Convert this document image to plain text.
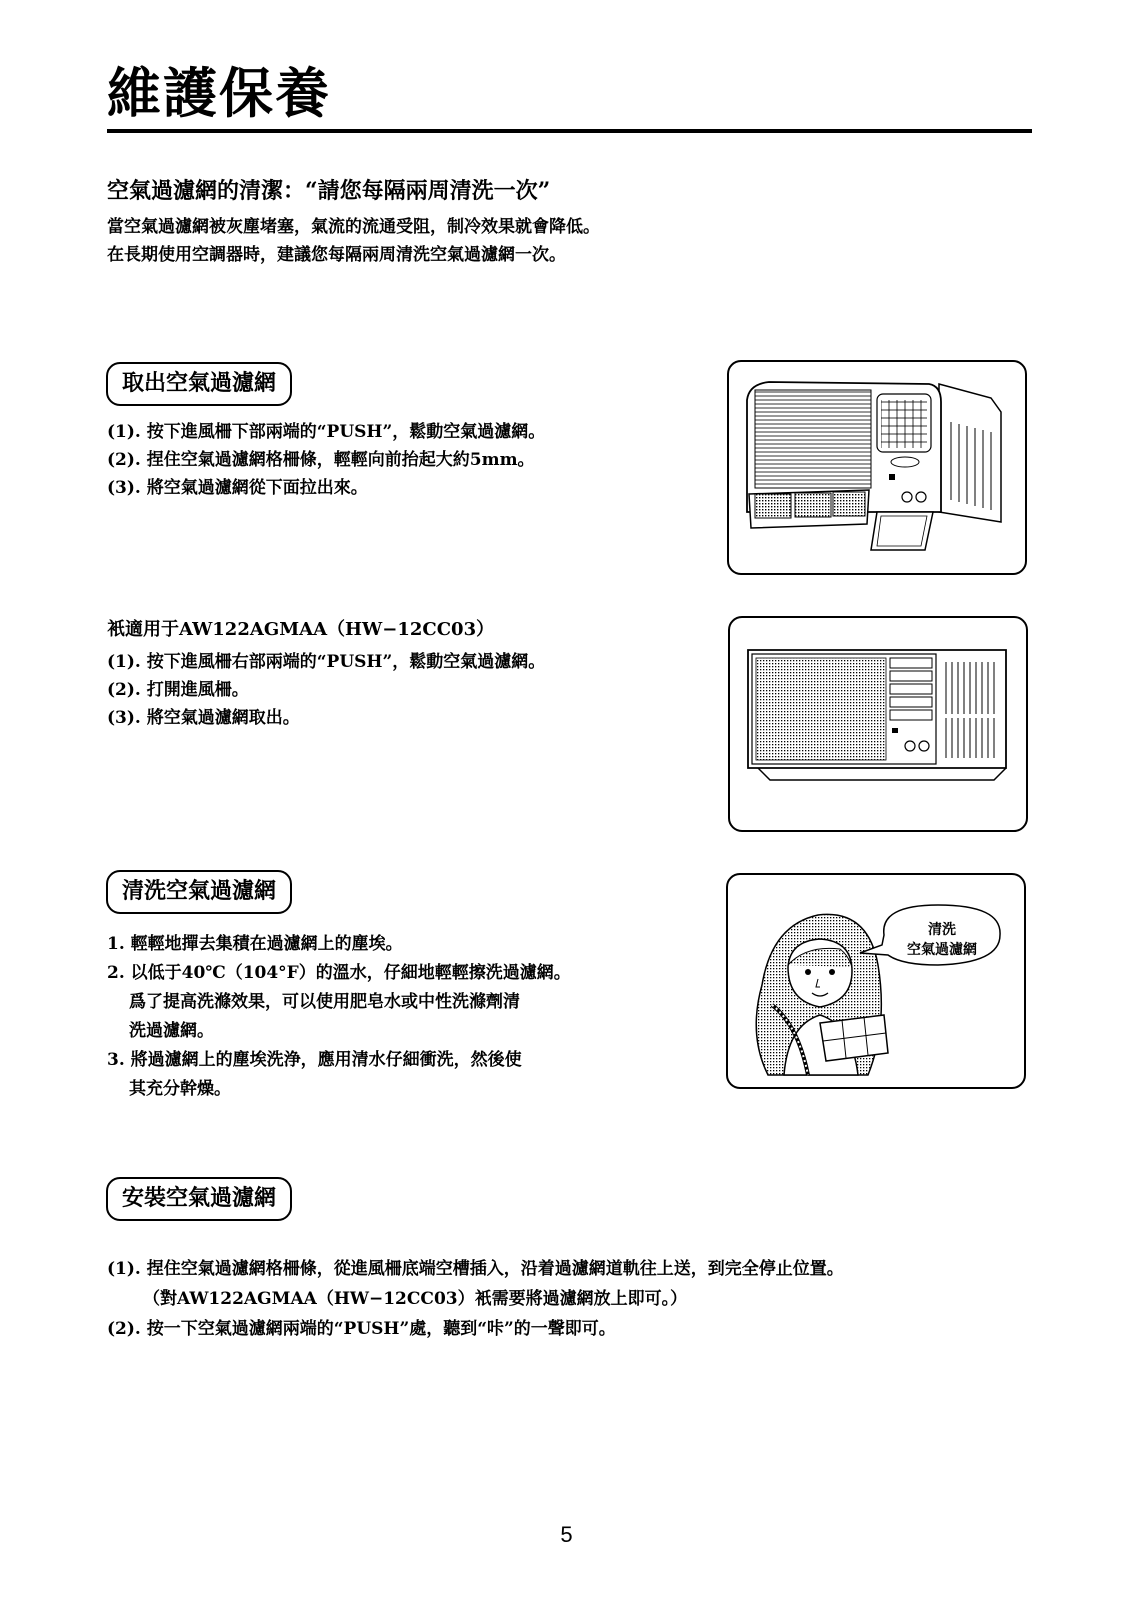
維護保養
空氣過濾網的清潔：“請您每隔兩周清洗一次”
當空氣過濾網被灰塵堵塞，氣流的流通受阻，制冷效果就會降低。
在長期使用空調器時，建議您每隔兩周清洗空氣過濾網一次。
取出空氣過濾網
(1). 按下進風柵下部兩端的“PUSH”，鬆動空氣過濾網。
(2). 捏住空氣過濾網格柵條，輕輕向前抬起大約5mm。
(3). 將空氣過濾網從下面拉出來。
衹適用于AW122AGMAA（HW−12CC03）
(1). 按下進風柵右部兩端的“PUSH”，鬆動空氣過濾網。
(2). 打開進風柵。
(3). 將空氣過濾網取出。
清洗空氣過濾網
1. 輕輕地撣去集積在過濾網上的塵埃。
2. 以低于40℃（104°F）的溫水，仔細地輕輕擦洗過濾網。
爲了提高洗滌效果，可以使用肥皂水或中性洗滌劑清
洗過濾網。
3. 將過濾網上的塵埃洗浄，應用清水仔細衝洗，然後使
其充分幹燥。
清洗
空氣過濾網
安裝空氣過濾網
(1). 捏住空氣過濾網格柵條，從進風柵底端空槽插入，沿着過濾網道軌往上送，到完全停止位置。
（對AW122AGMAA（HW−12CC03）衹需要將過濾網放上即可。）
(2). 按一下空氣過濾網兩端的“PUSH”處，聽到“咔”的一聲即可。
5
